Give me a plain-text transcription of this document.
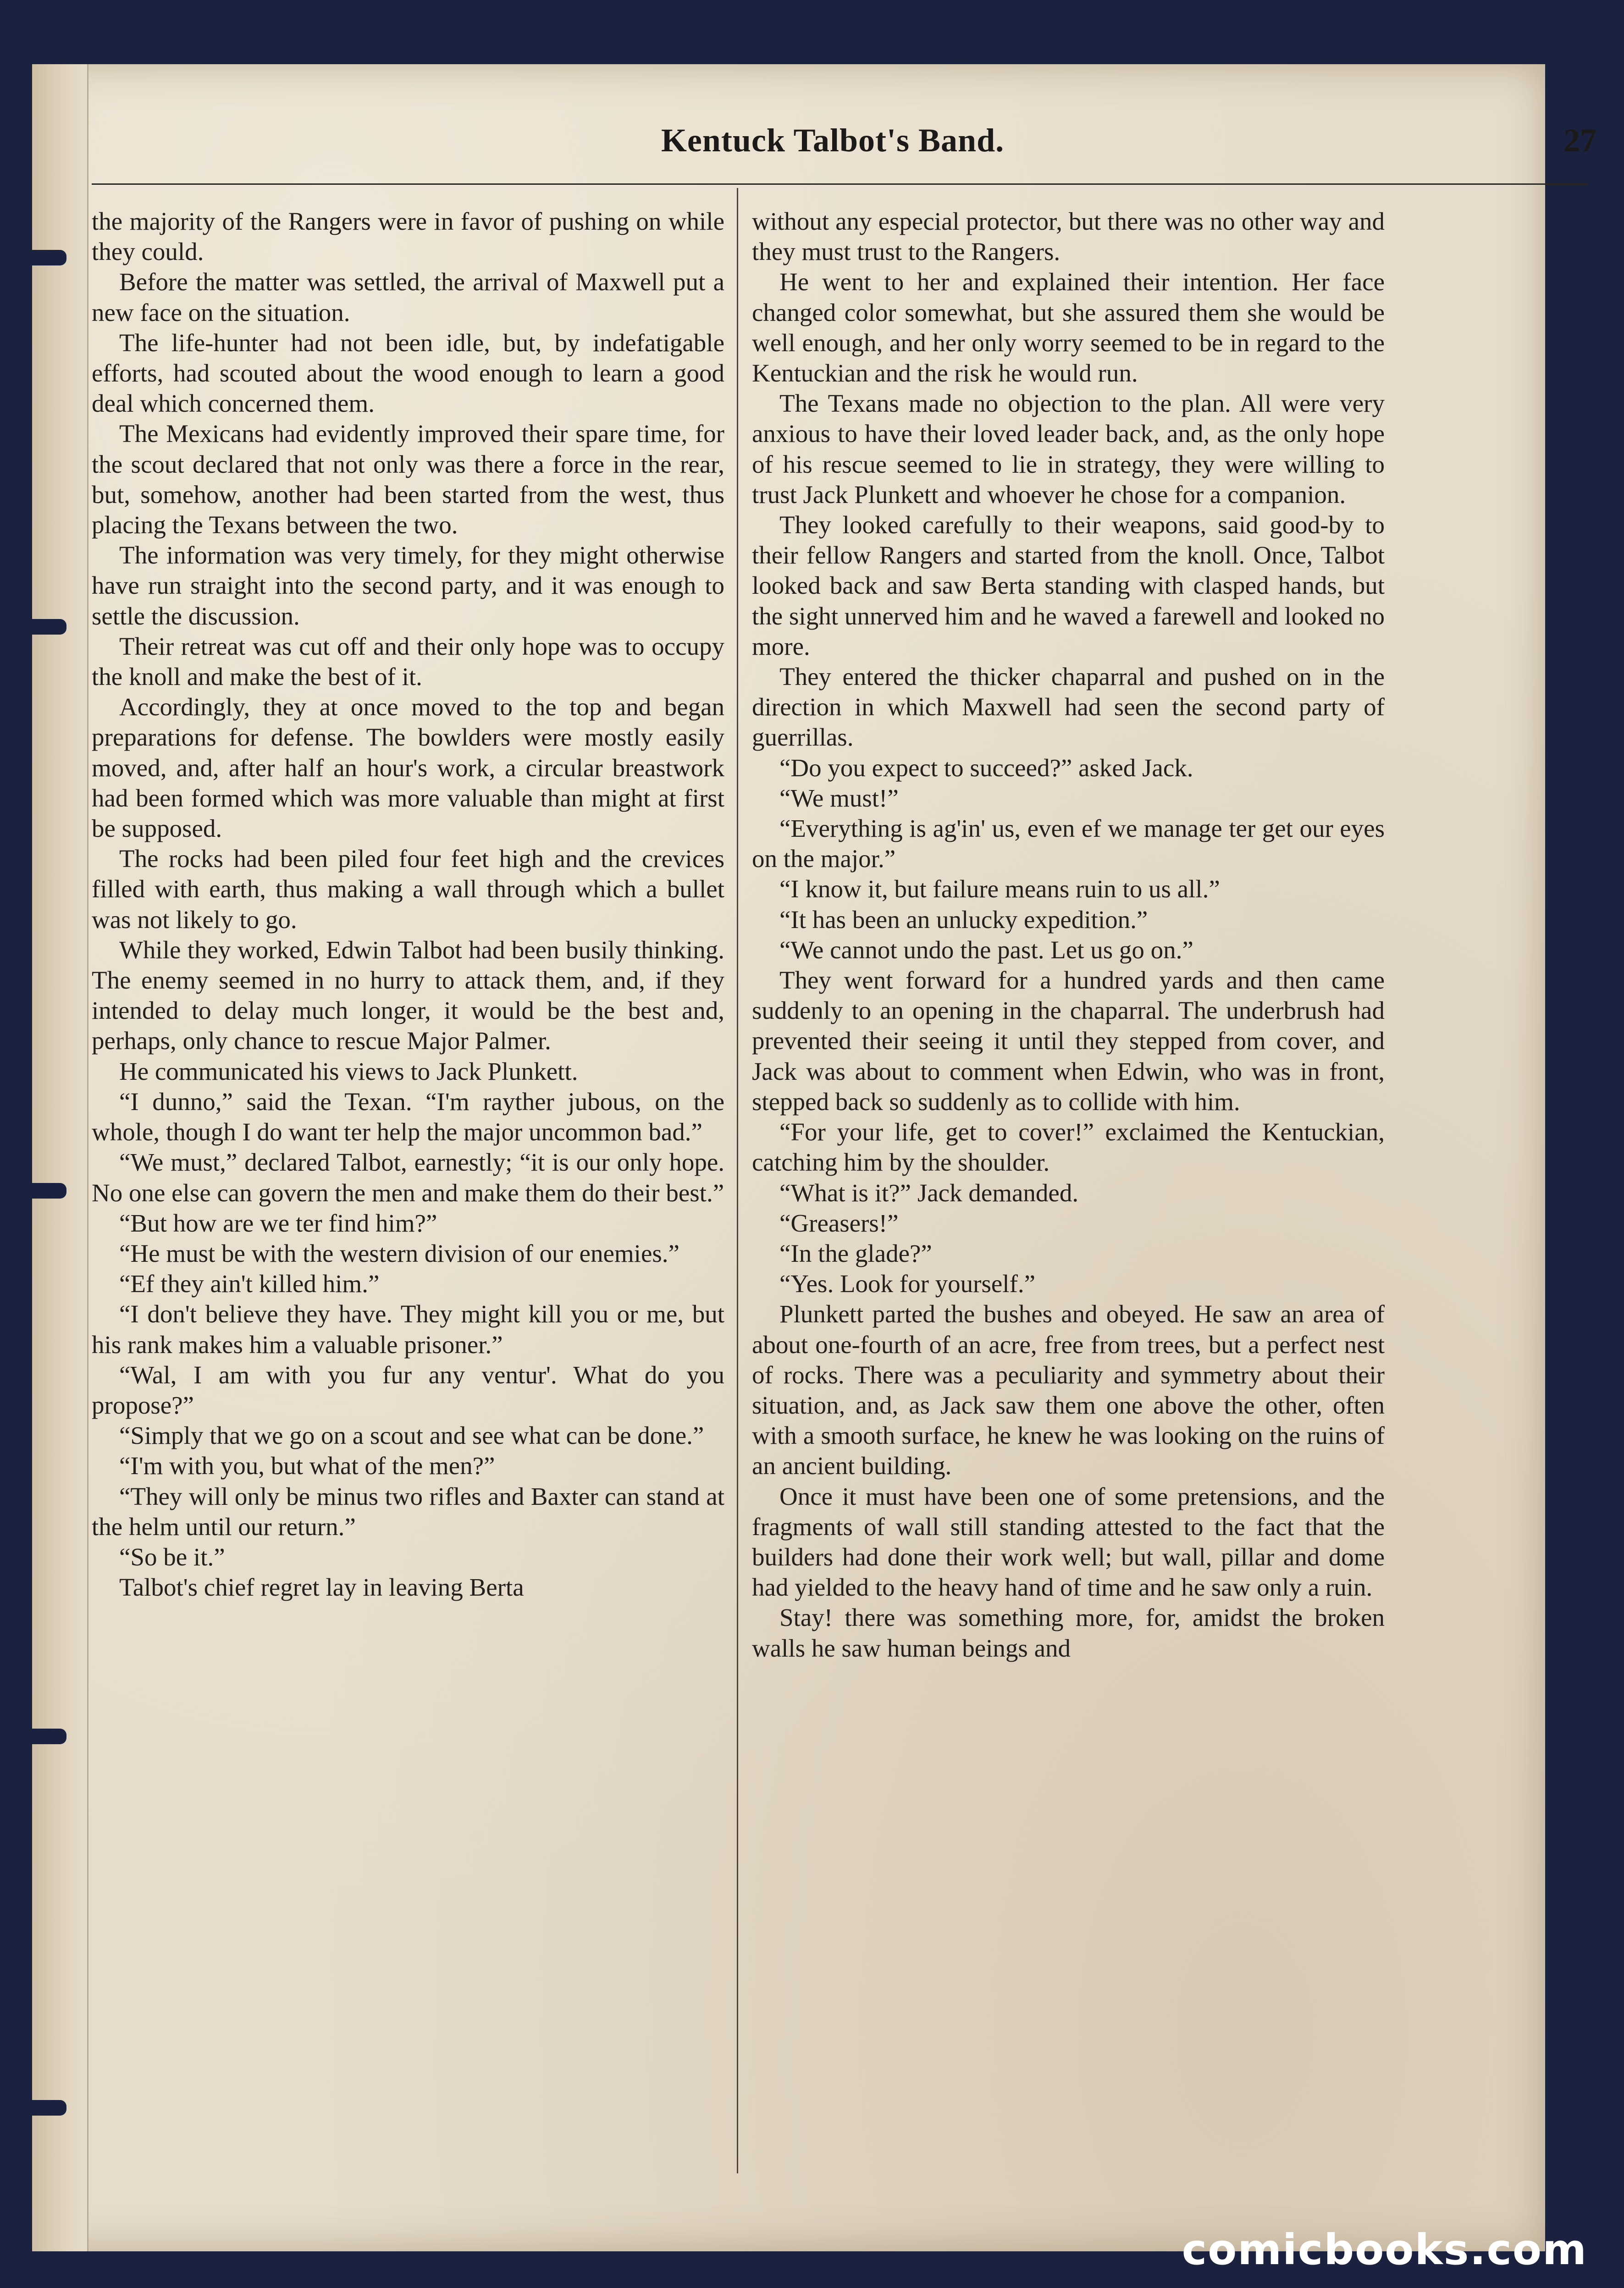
Kentuck Talbot's Band.	27

the majority of the Rangers were in favor of pushing on while they could.

Before the matter was settled, the arrival of Maxwell put a new face on the situation.

The life-hunter had not been idle, but, by indefatigable efforts, had scouted about the wood enough to learn a good deal which concerned them.

The Mexicans had evidently improved their spare time, for the scout declared that not only was there a force in the rear, but, somehow, another had been started from the west, thus placing the Texans between the two.

The information was very timely, for they might otherwise have run straight into the second party, and it was enough to settle the discussion.

Their retreat was cut off and their only hope was to occupy the knoll and make the best of it.

Accordingly, they at once moved to the top and began preparations for defense. The bowlders were mostly easily moved, and, after half an hour's work, a circular breastwork had been formed which was more valuable than might at first be supposed.

The rocks had been piled four feet high and the crevices filled with earth, thus making a wall through which a bullet was not likely to go.

While they worked, Edwin Talbot had been busily thinking. The enemy seemed in no hurry to attack them, and, if they intended to delay much longer, it would be the best and, perhaps, only chance to rescue Major Palmer.

He communicated his views to Jack Plunkett.

“I dunno,” said the Texan. “I'm rayther jubous, on the whole, though I do want ter help the major uncommon bad.”

“We must,” declared Talbot, earnestly; “it is our only hope. No one else can govern the men and make them do their best.”

“But how are we ter find him?”

“He must be with the western division of our enemies.”

“Ef they ain't killed him.”

“I don't believe they have. They might kill you or me, but his rank makes him a valuable prisoner.”

“Wal, I am with you fur any ventur'. What do you propose?”

“Simply that we go on a scout and see what can be done.”

“I'm with you, but what of the men?”

“They will only be minus two rifles and Baxter can stand at the helm until our return.”

“So be it.”

Talbot's chief regret lay in leaving Berta

without any especial protector, but there was no other way and they must trust to the Rangers.

He went to her and explained their intention. Her face changed color somewhat, but she assured them she would be well enough, and her only worry seemed to be in regard to the Kentuckian and the risk he would run.

The Texans made no objection to the plan. All were very anxious to have their loved leader back, and, as the only hope of his rescue seemed to lie in strategy, they were willing to trust Jack Plunkett and whoever he chose for a companion.

They looked carefully to their weapons, said good-by to their fellow Rangers and started from the knoll. Once, Talbot looked back and saw Berta standing with clasped hands, but the sight unnerved him and he waved a farewell and looked no more.

They entered the thicker chaparral and pushed on in the direction in which Maxwell had seen the second party of guerrillas.

“Do you expect to succeed?” asked Jack.

“We must!”

“Everything is ag'in' us, even ef we manage ter get our eyes on the major.”

“I know it, but failure means ruin to us all.”

“It has been an unlucky expedition.”

“We cannot undo the past. Let us go on.”

They went forward for a hundred yards and then came suddenly to an opening in the chaparral. The underbrush had prevented their seeing it until they stepped from cover, and Jack was about to comment when Edwin, who was in front, stepped back so suddenly as to collide with him.

“For your life, get to cover!” exclaimed the Kentuckian, catching him by the shoulder.

“What is it?” Jack demanded.

“Greasers!”

“In the glade?”

“Yes. Look for yourself.”

Plunkett parted the bushes and obeyed. He saw an area of about one-fourth of an acre, free from trees, but a perfect nest of rocks. There was a peculiarity and symmetry about their situation, and, as Jack saw them one above the other, often with a smooth surface, he knew he was looking on the ruins of an ancient building.

Once it must have been one of some pretensions, and the fragments of wall still standing attested to the fact that the builders had done their work well; but wall, pillar and dome had yielded to the heavy hand of time and he saw only a ruin.

Stay! there was something more, for, amidst the broken walls he saw human beings and

comicbooks.com
